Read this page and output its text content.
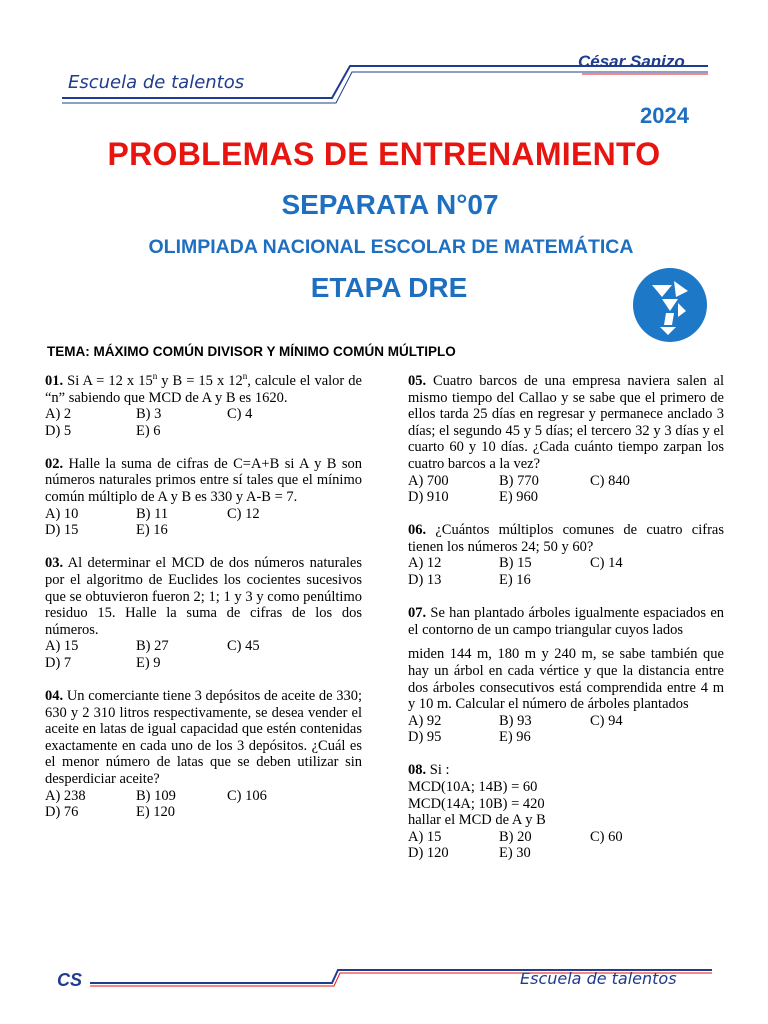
Escuela de talentos
César Sanizo
2024
PROBLEMAS DE ENTRENAMIENTO
SEPARATA N°07
OLIMPIADA NACIONAL ESCOLAR DE MATEMÁTICA
ETAPA DRE
TEMA: MÁXIMO COMÚN DIVISOR Y MÍNIMO COMÚN MÚLTIPLO
01. Si A = 12 x 15$^n$ y B = 15 x 12$^n$, calcule el valor de “n” sabiendo que MCD de A y B es 1620.
A) 2	B) 3	C) 4
D) 5	E) 6
02. Halle la suma de cifras de C=A+B si A y B son números naturales primos entre sí tales que el mínimo común múltiplo de A y B es 330 y A-B = 7.
A) 10	B) 11	C) 12
D) 15	E) 16
03. Al determinar el MCD de dos números naturales por el algoritmo de Euclides los cocientes sucesivos que se obtuvieron fueron 2; 1; 1 y 3 y como penúltimo residuo 15. Halle la suma de cifras de los dos números.
A) 15	B) 27	C) 45
D) 7	E) 9
04. Un comerciante tiene 3 depósitos de aceite de 330; 630 y 2 310 litros respectivamente, se desea vender el aceite en latas de igual capacidad que estén contenidas exactamente en cada uno de los 3 depósitos. ¿Cuál es el menor número de latas que se deben utilizar sin desperdiciar aceite?
A) 238	B) 109	C) 106
D) 76	E) 120
05. Cuatro barcos de una empresa naviera salen al mismo tiempo del Callao y se sabe que el primero de ellos tarda 25 días en regresar y permanece anclado 3 días; el segundo 45 y 5 días; el tercero 32 y 3 días y el cuarto 60 y 10 días. ¿Cada cuánto tiempo zarpan los cuatro barcos a la vez?
A) 700	B) 770	C) 840
D) 910	E) 960
06. ¿Cuántos múltiplos comunes de cuatro cifras tienen los números 24; 50 y 60?
A) 12	B) 15	C) 14
D) 13	E) 16
07. Se han plantado árboles igualmente espaciados en el contorno de un campo triangular cuyos lados
miden 144 m, 180 m y 240 m, se sabe también que hay un árbol en cada vértice y que la distancia entre dos árboles consecutivos está comprendida entre 4 m y 10 m. Calcular el número de árboles plantados
A) 92	B) 93	C) 94
D) 95	E) 96
08. Si :
MCD(10A; 14B) = 60
MCD(14A; 10B) = 420
hallar el MCD de A y B
A) 15	B) 20	C) 60
D) 120	E) 30
CS	Escuela de talentos
